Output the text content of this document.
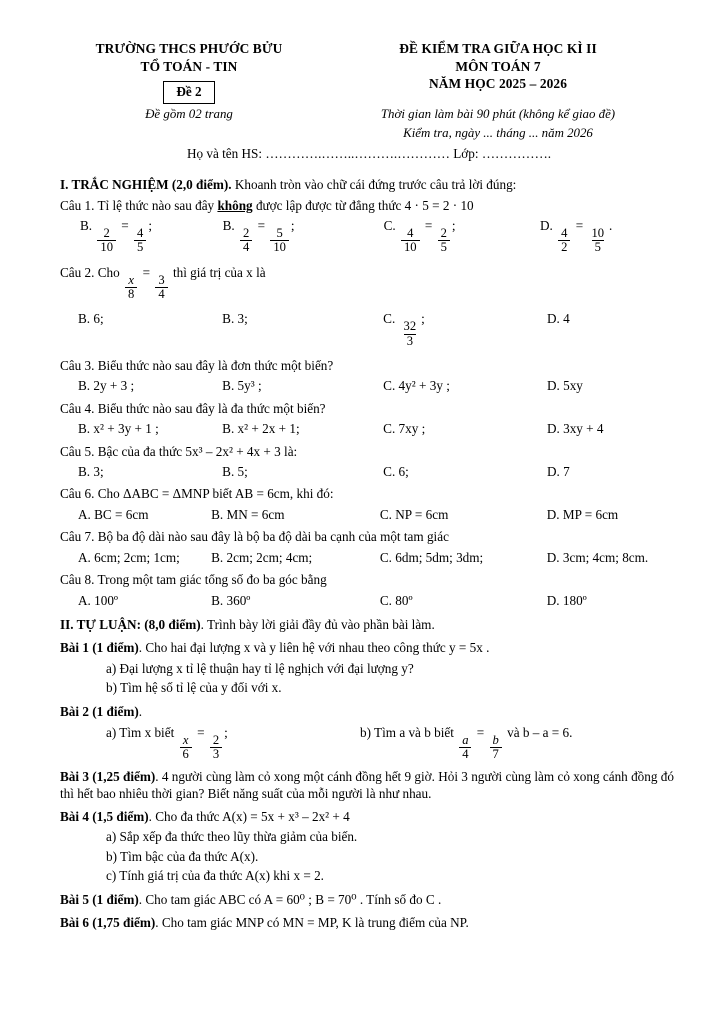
TRƯỜNG THCS PHƯỚC BỬU
TỔ TOÁN - TIN
Đề 2
ĐỀ KIỂM TRA GIỮA HỌC KÌ II
MÔN TOÁN 7
NĂM HỌC 2025 – 2026
Đề gồm 02 trang	Thời gian làm bài 90 phút (không kể giao đề)
Kiểm tra, ngày ... tháng ... năm 2026
Họ và tên HS: ………….……..……….………… Lớp: …………….
I. TRẮC NGHIỆM (2,0 điểm). Khoanh tròn vào chữ cái đứng trước câu trả lời đúng:
Câu 1. Tỉ lệ thức nào sau đây không được lập được từ đẳng thức 4 · 5 = 2 · 10
B.
$\frac{2}{10}$
=
$\frac{4}{5}$
;	B.
$\frac{2}{4}$
=
$\frac{5}{10}$
;	C.
$\frac{4}{10}$
=
$\frac{2}{5}$
;	D.
$\frac{4}{2}$
=
$\frac{10}{5}$
.
Câu 2. Cho
$\frac{x}{8}$
=
$\frac{3}{4}$
thì giá trị của x là
B. 6;	B. 3;	C.
$\frac{32}{3}$
;	D. 4
Câu 3. Biểu thức nào sau đây là đơn thức một biến?
B. 2y + 3 ;	B. 5y³ ;	C. 4y² + 3y ;	D. 5xy
Câu 4. Biểu thức nào sau đây là đa thức một biến?
B. x² + 3y + 1 ;	B. x² + 2x + 1;	C. 7xy ;	D. 3xy + 4
Câu 5. Bậc của đa thức 5x³ – 2x² + 4x + 3 là:
B. 3;	B. 5;	C. 6;	D. 7
Câu 6. Cho ΔABC = ΔMNP biết AB = 6cm, khi đó:
A. BC = 6cm	B. MN = 6cm	C. NP = 6cm	D. MP = 6cm
Câu 7. Bộ ba độ dài nào sau đây là bộ ba độ dài ba cạnh của một tam giác
A. 6cm; 2cm; 1cm;	B. 2cm; 2cm; 4cm;	C. 6dm; 5dm; 3dm;	D. 3cm; 4cm; 8cm.
Câu 8. Trong một tam giác tổng số đo ba góc bằng
A. 100º	B. 360º	C. 80º	D. 180º
II. TỰ LUẬN: (8,0 điểm). Trình bày lời giải đầy đủ vào phần bài làm.
Bài 1 (1 điểm). Cho hai đại lượng x và y liên hệ với nhau theo công thức y = 5x .
a) Đại lượng x tỉ lệ thuận hay tỉ lệ nghịch với đại lượng y?
b) Tìm hệ số tỉ lệ của y đối với x.
Bài 2 (1 điểm).
a) Tìm x biết
$\frac{x}{6}$
=
$\frac{2}{3}$
;	b) Tìm a và b biết
$\frac{a}{4}$
=
$\frac{b}{7}$
và b – a = 6.
Bài 3 (1,25 điểm). 4 người cùng làm cỏ xong một cánh đồng hết 9 giờ. Hỏi 3 người cùng làm cỏ xong cánh đồng đó thì hết bao nhiêu thời gian? Biết năng suất của mỗi người là như nhau.
Bài 4 (1,5 điểm). Cho đa thức A(x) = 5x + x³ – 2x² + 4
a) Sắp xếp đa thức theo lũy thừa giảm của biến.
b) Tìm bậc của đa thức A(x).
c) Tính giá trị của đa thức A(x) khi x = 2.
Bài 5 (1 điểm). Cho tam giác ABC có A = 60⁰ ; B = 70⁰ . Tính số đo C .
Bài 6 (1,75 điểm). Cho tam giác MNP có MN = MP, K là trung điểm của NP.
